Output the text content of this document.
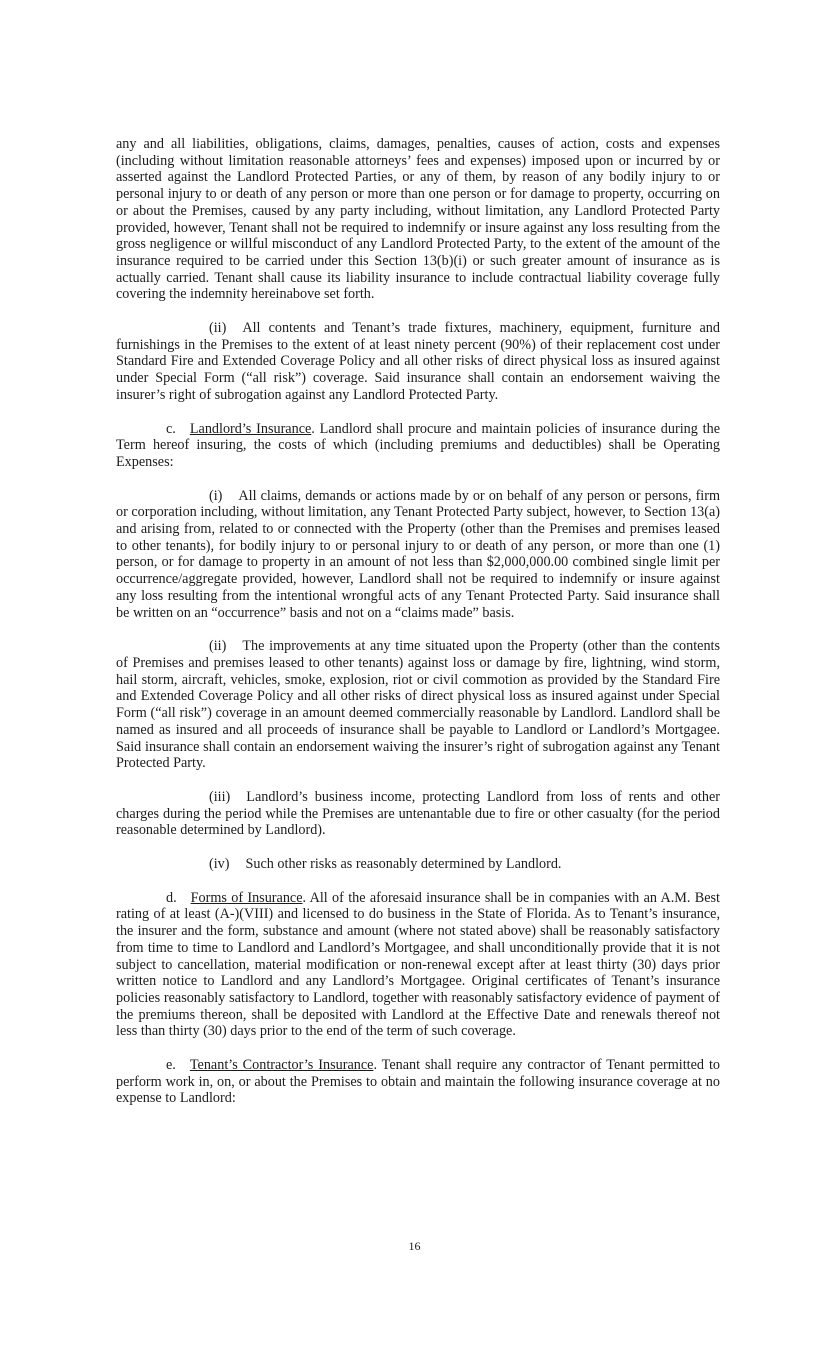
any and all liabilities, obligations, claims, damages, penalties, causes of action, costs and expenses (including without limitation reasonable attorneys’ fees and expenses) imposed upon or incurred by or asserted against the Landlord Protected Parties, or any of them, by reason of any bodily injury to or personal injury to or death of any person or more than one person or for damage to property, occurring on or about the Premises, caused by any party including, without limitation, any Landlord Protected Party provided, however, Tenant shall not be required to indemnify or insure against any loss resulting from the gross negligence or willful misconduct of any Landlord Protected Party, to the extent of the amount of the insurance required to be carried under this Section 13(b)(i) or such greater amount of insurance as is actually carried. Tenant shall cause its liability insurance to include contractual liability coverage fully covering the indemnity hereinabove set forth.

(ii) All contents and Tenant’s trade fixtures, machinery, equipment, furniture and furnishings in the Premises to the extent of at least ninety percent (90%) of their replacement cost under Standard Fire and Extended Coverage Policy and all other risks of direct physical loss as insured against under Special Form (“all risk”) coverage. Said insurance shall contain an endorsement waiving the insurer’s right of subrogation against any Landlord Protected Party.

c. Landlord’s Insurance. Landlord shall procure and maintain policies of insurance during the Term hereof insuring, the costs of which (including premiums and deductibles) shall be Operating Expenses:

(i) All claims, demands or actions made by or on behalf of any person or persons, firm or corporation including, without limitation, any Tenant Protected Party subject, however, to Section 13(a) and arising from, related to or connected with the Property (other than the Premises and premises leased to other tenants), for bodily injury to or personal injury to or death of any person, or more than one (1) person, or for damage to property in an amount of not less than $2,000,000.00 combined single limit per occurrence/aggregate provided, however, Landlord shall not be required to indemnify or insure against any loss resulting from the intentional wrongful acts of any Tenant Protected Party. Said insurance shall be written on an “occurrence” basis and not on a “claims made” basis.

(ii) The improvements at any time situated upon the Property (other than the contents of Premises and premises leased to other tenants) against loss or damage by fire, lightning, wind storm, hail storm, aircraft, vehicles, smoke, explosion, riot or civil commotion as provided by the Standard Fire and Extended Coverage Policy and all other risks of direct physical loss as insured against under Special Form (“all risk”) coverage in an amount deemed commercially reasonable by Landlord. Landlord shall be named as insured and all proceeds of insurance shall be payable to Landlord or Landlord’s Mortgagee. Said insurance shall contain an endorsement waiving the insurer’s right of subrogation against any Tenant Protected Party.

(iii) Landlord’s business income, protecting Landlord from loss of rents and other charges during the period while the Premises are untenantable due to fire or other casualty (for the period reasonable determined by Landlord).

(iv) Such other risks as reasonably determined by Landlord.

d. Forms of Insurance. All of the aforesaid insurance shall be in companies with an A.M. Best rating of at least (A-)(VIII) and licensed to do business in the State of Florida. As to Tenant’s insurance, the insurer and the form, substance and amount (where not stated above) shall be reasonably satisfactory from time to time to Landlord and Landlord’s Mortgagee, and shall unconditionally provide that it is not subject to cancellation, material modification or non-renewal except after at least thirty (30) days prior written notice to Landlord and any Landlord’s Mortgagee. Original certificates of Tenant’s insurance policies reasonably satisfactory to Landlord, together with reasonably satisfactory evidence of payment of the premiums thereon, shall be deposited with Landlord at the Effective Date and renewals thereof not less than thirty (30) days prior to the end of the term of such coverage.

e. Tenant’s Contractor’s Insurance. Tenant shall require any contractor of Tenant permitted to perform work in, on, or about the Premises to obtain and maintain the following insurance coverage at no expense to Landlord:

16
